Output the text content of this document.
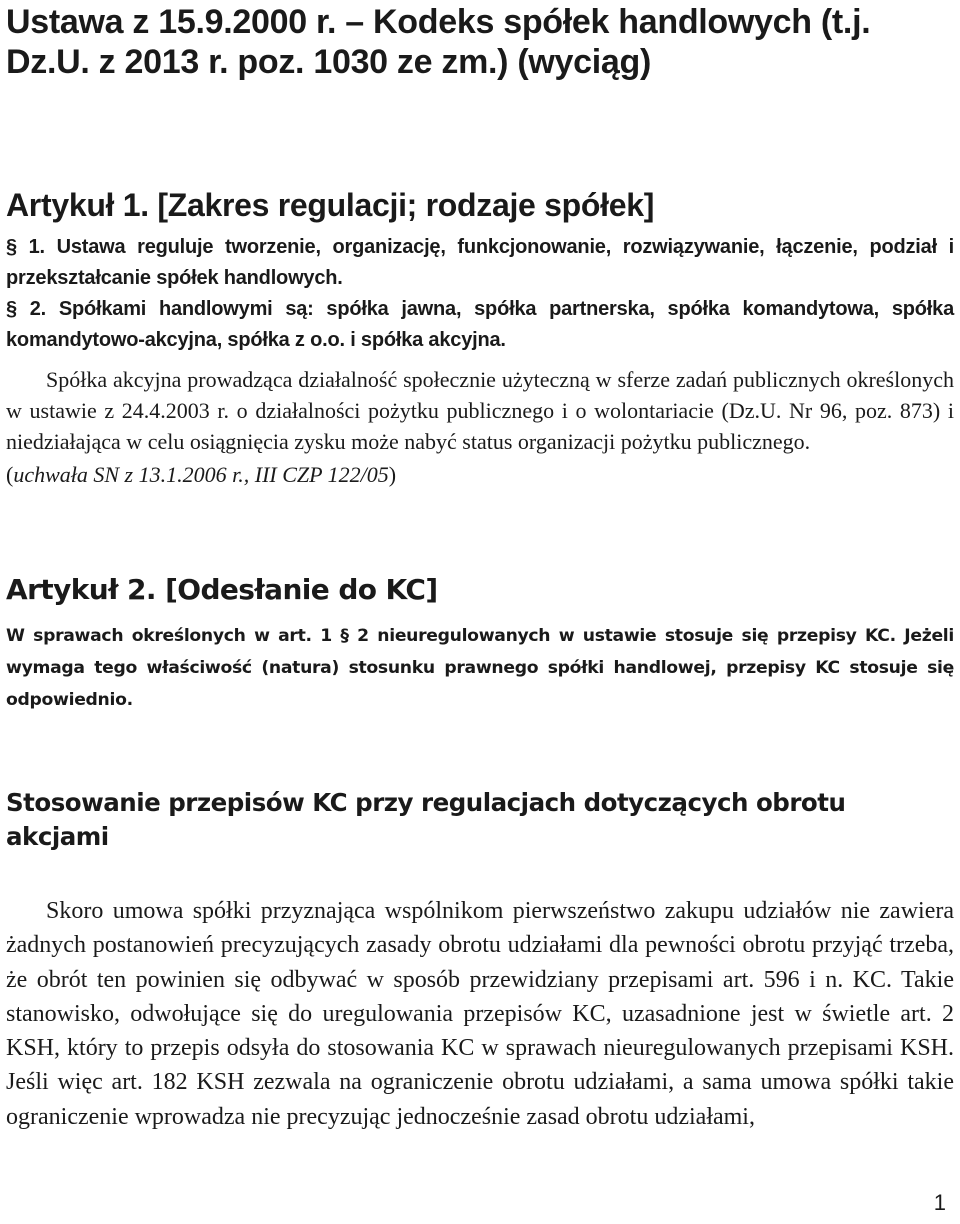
Ustawa z 15.9.2000 r. – Kodeks spółek handlowych (t.j. Dz.U. z 2013 r. poz. 1030 ze zm.) (wyciąg)
Artykuł 1. [Zakres regulacji; rodzaje spółek]

§ 1. Ustawa reguluje tworzenie, organizację, funkcjonowanie, rozwiązywanie, łączenie, podział i przekształcanie spółek handlowych.

§ 2. Spółkami handlowymi są: spółka jawna, spółka partnerska, spółka komandytowa, spółka komandytowo-akcyjna, spółka z o.o. i spółka akcyjna.

Spółka akcyjna prowadząca działalność społecznie użyteczną w sferze zadań publicznych określonych w ustawie z 24.4.2003 r. o działalności pożytku publicznego i o wolontariacie (Dz.U. Nr 96, poz. 873) i niedziałająca w celu osiągnięcia zysku może nabyć status organizacji pożytku publicznego.

(uchwała SN z 13.1.2006 r., III CZP 122/05)

Artykuł 2. [Odesłanie do KC]

W sprawach określonych w art. 1 § 2 nieuregulowanych w ustawie stosuje się przepisy KC. Jeżeli wymaga tego właściwość (natura) stosunku prawnego spółki handlowej, przepisy KC stosuje się odpowiednio.

Stosowanie przepisów KC przy regulacjach dotyczących obrotu akcjami

Skoro umowa spółki przyznająca wspólnikom pierwszeństwo zakupu udziałów nie zawiera żadnych postanowień precyzujących zasady obrotu udziałami dla pewności obrotu przyjąć trzeba, że obrót ten powinien się odbywać w sposób przewidziany przepisami art. 596 i n. KC. Takie stanowisko, odwołujące się do uregulowania przepisów KC, uzasadnione jest w świetle art. 2 KSH, który to przepis odsyła do stosowania KC w sprawach nieuregulowanych przepisami KSH. Jeśli więc art. 182 KSH zezwala na ograniczenie obrotu udziałami, a sama umowa spółki takie ograniczenie wprowadza nie precyzując jednocześnie zasad obrotu udziałami,

1
